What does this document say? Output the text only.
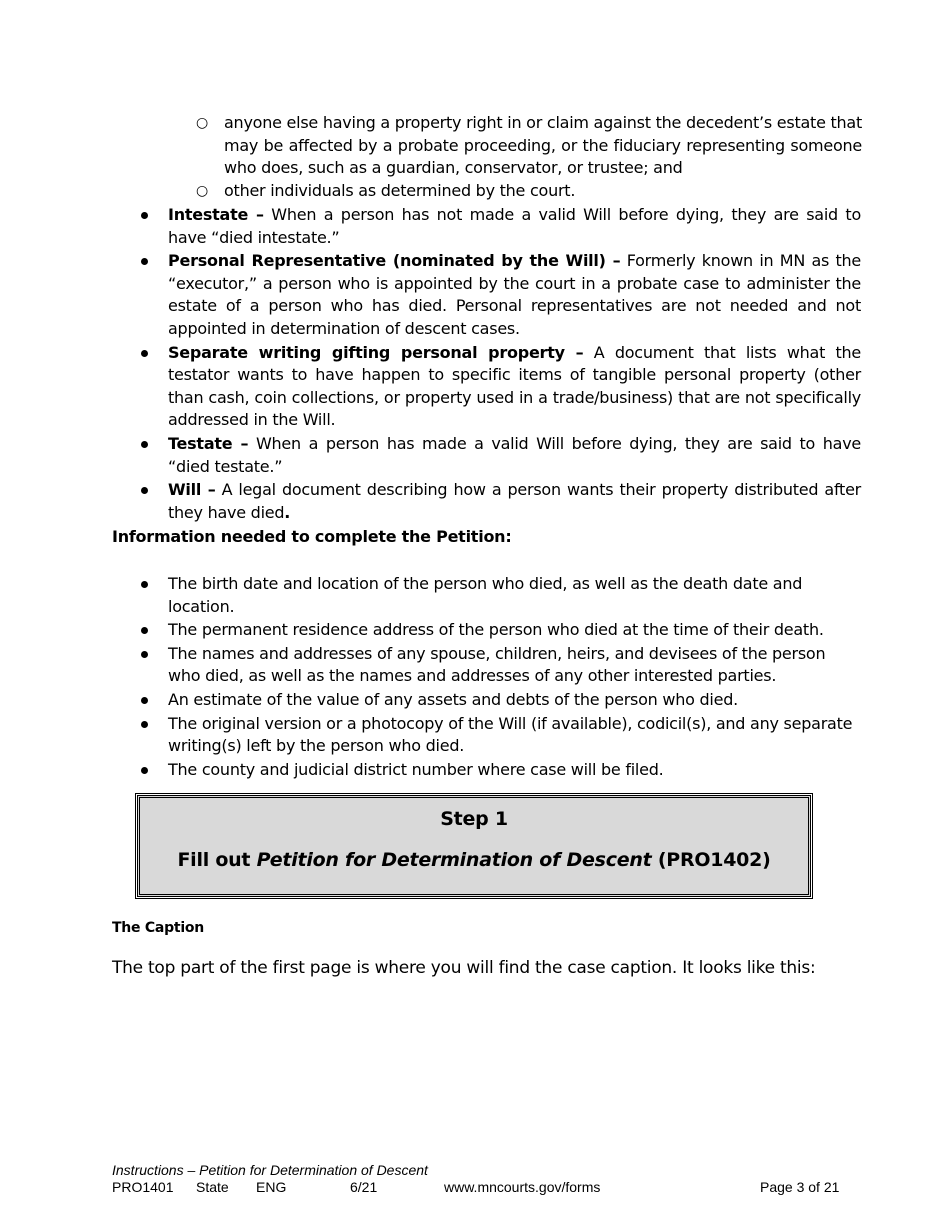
○ anyone else having a property right in or claim against the decedent’s estate that may be affected by a probate proceeding, or the fiduciary representing someone who does, such as a guardian, conservator, or trustee; and
○ other individuals as determined by the court.
Intestate – When a person has not made a valid Will before dying, they are said to have “died intestate.”
Personal Representative (nominated by the Will) – Formerly known in MN as the “executor,” a person who is appointed by the court in a probate case to administer the estate of a person who has died. Personal representatives are not needed and not appointed in determination of descent cases.
Separate writing gifting personal property – A document that lists what the testator wants to have happen to specific items of tangible personal property (other than cash, coin collections, or property used in a trade/business) that are not specifically addressed in the Will.
Testate – When a person has made a valid Will before dying, they are said to have “died testate.”
Will – A legal document describing how a person wants their property distributed after they have died.
Information needed to complete the Petition:
The birth date and location of the person who died, as well as the death date and location.
The permanent residence address of the person who died at the time of their death.
The names and addresses of any spouse, children, heirs, and devisees of the person who died, as well as the names and addresses of any other interested parties.
An estimate of the value of any assets and debts of the person who died.
The original version or a photocopy of the Will (if available), codicil(s), and any separate writing(s) left by the person who died.
The county and judicial district number where case will be filed.
Step 1
Fill out Petition for Determination of Descent (PRO1402)
The Caption
The top part of the first page is where you will find the case caption. It looks like this:
Instructions – Petition for Determination of Descent
PRO1401 State ENG	6/21	www.mncourts.gov/forms	Page 3 of 21
